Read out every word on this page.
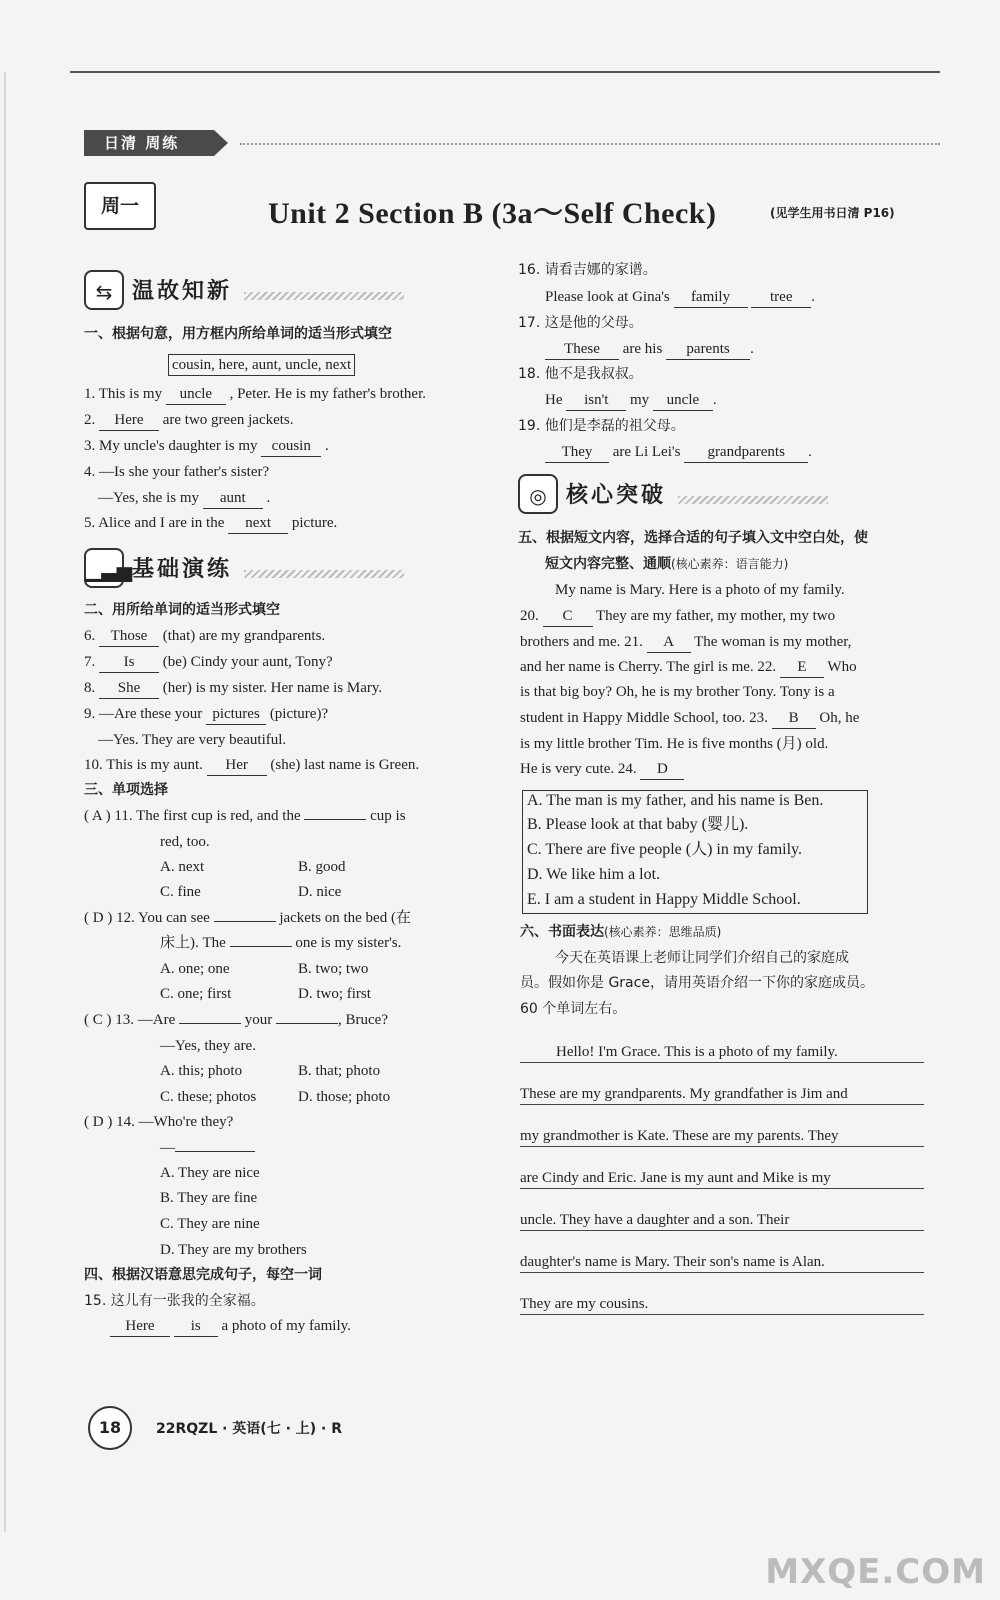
日清 周练
周一	Unit 2 Section B (3a～Self Check)	(见学生用书日清 P16)
⇆ 温故知新
一、根据句意，用方框内所给单词的适当形式填空
cousin, here, aunt, uncle, next
1. This is my uncle , Peter. He is my father's brother.
2. Here are two green jackets.
3. My uncle's daughter is my cousin .
4. —Is she your father's sister?
—Yes, she is my aunt .
5. Alice and I are in the next picture.
▁▃▅ 基础演练
二、用所给单词的适当形式填空
6. Those (that) are my grandparents.
7. Is (be) Cindy your aunt, Tony?
8. She (her) is my sister. Her name is Mary.
9. —Are these your pictures (picture)?
—Yes. They are very beautiful.
10. This is my aunt. Her (she) last name is Green.
三、单项选择
( A ) 11. The first cup is red, and the	cup is
red, too.
A. next	B. good
C. fine	D. nice
( D ) 12. You can see	jackets on the bed (在
床上). The	one is my sister's.
A. one; one	B. two; two
C. one; first	D. two; first
( C ) 13. —Are	your	, Bruce?
—Yes, they are.
A. this; photo	B. that; photo
C. these; photos	D. those; photo
( D ) 14. —Who're they?
—
A. They are nice
B. They are fine
C. They are nine
D. They are my brothers
四、根据汉语意思完成句子，每空一词
15. 这儿有一张我的全家福。
Here is a photo of my family.
16. 请看吉娜的家谱。
Please look at Gina's family	tree .
17. 这是他的父母。
These are his parents .
18. 他不是我叔叔。
He isn't my uncle .
19. 他们是李磊的祖父母。
They are Li Lei's grandparents .
◎ 核心突破
五、根据短文内容，选择合适的句子填入文中空白处，使
短文内容完整、通顺(核心素养：语言能力)
My name is Mary. Here is a photo of my family.
20. C They are my father, my mother, my two
brothers and me. 21. A The woman is my mother,
and her name is Cherry. The girl is me. 22. E Who
is that big boy? Oh, he is my brother Tony. Tony is a
student in Happy Middle School, too. 23. B Oh, he
is my little brother Tim. He is five months (月) old.
He is very cute. 24. D
A. The man is my father, and his name is Ben.
B. Please look at that baby (婴儿).
C. There are five people (人) in my family.
D. We like him a lot.
E. I am a student in Happy Middle School.
六、书面表达(核心素养：思维品质)
今天在英语课上老师让同学们介绍自己的家庭成
员。假如你是 Grace，请用英语介绍一下你的家庭成员。
60 个单词左右。
Hello! I'm Grace. This is a photo of my family.
These are my grandparents. My grandfather is Jim and
my grandmother is Kate. These are my parents. They
are Cindy and Eric. Jane is my aunt and Mike is my
uncle. They have a daughter and a son. Their
daughter's name is Mary. Their son's name is Alan.
They are my cousins.
18	22RQZL · 英语(七 · 上) · R
MXQE.COM
